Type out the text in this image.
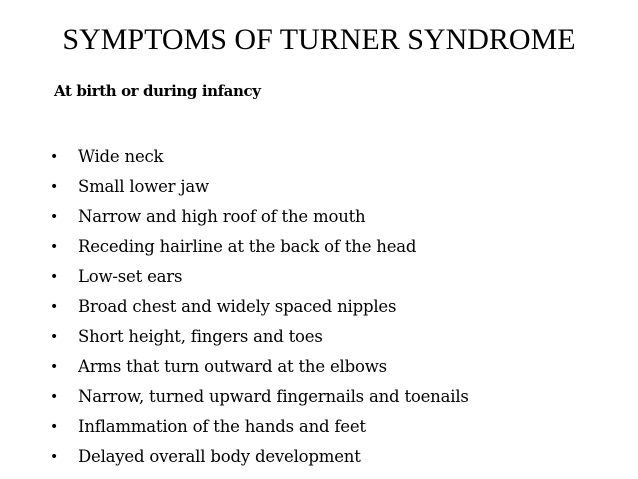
SYMPTOMS OF TURNER SYNDROME
At birth or during infancy
•	Wide neck
•	Small lower jaw
•	Narrow and high roof of the mouth
•	Receding hairline at the back of the head
•	Low-set ears
•	Broad chest and widely spaced nipples
•	Short height, fingers and toes
•	Arms that turn outward at the elbows
•	Narrow, turned upward fingernails and toenails
•	Inflammation of the hands and feet
•	Delayed overall body development
